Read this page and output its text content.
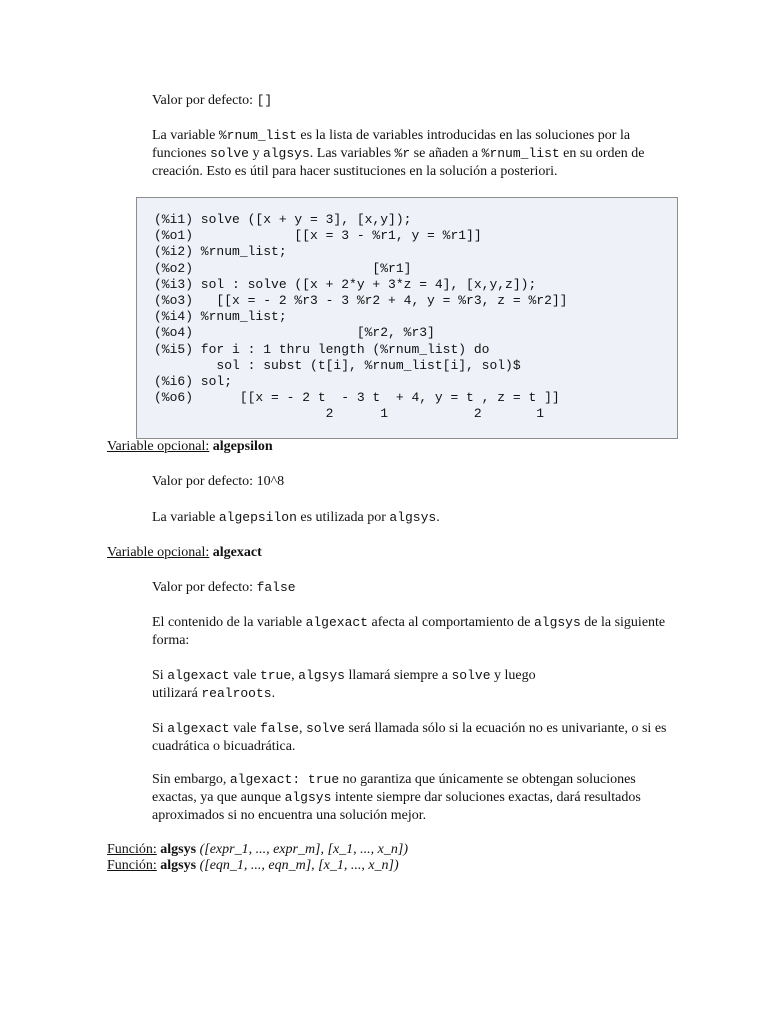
Valor por defecto: []

La variable %rnum_list es la lista de variables introducidas en las soluciones por la funciones solve y algsys. Las variables %r se añaden a %rnum_list en su orden de creación. Esto es útil para hacer sustituciones en la solución a posteriori.

(%i1) solve ([x + y = 3], [x,y]);
(%o1)             [[x = 3 - %r1, y = %r1]]
(%i2) %rnum_list;
(%o2)                       [%r1]
(%i3) sol : solve ([x + 2*y + 3*z = 4], [x,y,z]);
(%o3)   [[x = - 2 %r3 - 3 %r2 + 4, y = %r3, z = %r2]]
(%i4) %rnum_list;
(%o4)                     [%r2, %r3]
(%i5) for i : 1 thru length (%rnum_list) do
sol : subst (t[i], %rnum_list[i], sol)$
(%i6) sol;
(%o6)      [[x = - 2 t  - 3 t  + 4, y = t , z = t ]]
2      1           2       1

Variable opcional: algepsilon

Valor por defecto: 10^8

La variable algepsilon es utilizada por algsys.

Variable opcional: algexact

Valor por defecto: false

El contenido de la variable algexact afecta al comportamiento de algsys de la siguiente forma:

Si algexact vale true, algsys llamará siempre a solve y luego
utilizará realroots.

Si algexact vale false, solve será llamada sólo si la ecuación no es univariante, o si es cuadrática o bicuadrática.

Sin embargo, algexact: true no garantiza que únicamente se obtengan soluciones exactas, ya que aunque algsys intente siempre dar soluciones exactas, dará resultados aproximados si no encuentra una solución mejor.

Función: algsys ([expr_1, ..., expr_m], [x_1, ..., x_n])

Función: algsys ([eqn_1, ..., eqn_m], [x_1, ..., x_n])
